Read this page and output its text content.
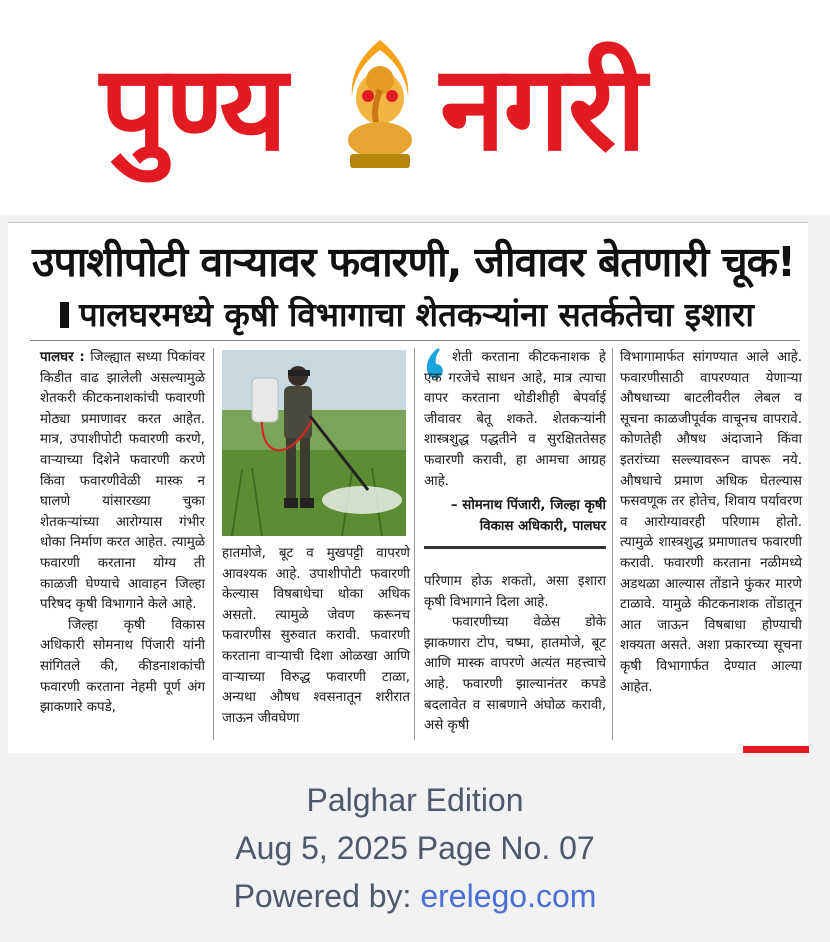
पुण्य नगरी
उपाशीपोटी वाऱ्यावर फवारणी, जीवावर बेतणारी चूक!
पालघरमध्ये कृषी विभागाचा शेतकऱ्यांना सतर्कतेचा इशारा

पालघर : जिल्ह्यात सध्या पिकांवर किडीत वाढ झालेली असल्यामुळे शेतकरी कीटकनाशकांची फवारणी मोठ्या प्रमाणावर करत आहेत. मात्र, उपाशीपोटी फवारणी करणे, वाऱ्याच्या दिशेने फवारणी करणे किंवा फवारणीवेळी मास्क न घालणे यांसारख्या चुका शेतकऱ्यांच्या आरोग्यास गंभीर धोका निर्माण करत आहेत. त्यामुळे फवारणी करताना योग्य ती काळजी घेण्याचे आवाहन जिल्हा परिषद कृषी विभागाने केले आहे.

जिल्हा कृषी विकास अधिकारी सोमनाथ पिंजारी यांनी सांगितले की, कीडनाशकांची फवारणी करताना नेहमी पूर्ण अंग झाकणारे कपडे,

हातमोजे, बूट व मुखपट्टी वापरणे आवश्यक आहे. उपाशीपोटी फवारणी केल्यास विषबाधेचा धोका अधिक असतो. त्यामुळे जेवण करूनच फवारणीस सुरुवात करावी. फवारणी करताना वाऱ्याची दिशा ओळखा आणि वाऱ्याच्या विरुद्ध फवारणी टाळा, अन्यथा औषध श्वसनातून शरीरात जाऊन जीवघेणा

शेती करताना कीटकनाशक हे एक गरजेचे साधन आहे, मात्र त्याचा वापर करताना थोडीशीही बेपर्वाई जीवावर बेतू शकते. शेतकऱ्यांनी शास्त्रशुद्ध पद्धतीने व सुरक्षिततेसह फवारणी करावी, हा आमचा आग्रह आहे.

– सोमनाथ पिंजारी, जिल्हा कृषी
विकास अधिकारी, पालघर

परिणाम होऊ शकतो, असा इशारा कृषी विभागाने दिला आहे.

फवारणीच्या वेळेस डोके झाकणारा टोप, चष्मा, हातमोजे, बूट आणि मास्क वापरणे अत्यंत महत्त्वाचे आहे. फवारणी झाल्यानंतर कपडे बदलावेत व साबणाने अंघोळ करावी, असे कृषी

विभागामार्फत सांगण्यात आले आहे. फवारणीसाठी वापरण्यात येणाऱ्या औषधाच्या बाटलीवरील लेबल व सूचना काळजीपूर्वक वाचूनच वापरावे. कोणतेही औषध अंदाजाने किंवा इतरांच्या सल्ल्यावरून वापरू नये. औषधाचे प्रमाण अधिक घेतल्यास फसवणूक तर होतेच, शिवाय पर्यावरण व आरोग्यावरही परिणाम होतो. त्यामुळे शास्त्रशुद्ध प्रमाणातच फवारणी करावी. फवारणी करताना नळीमध्ये अडथळा आल्यास तोंडाने फुंकर मारणे टाळावे. यामुळे कीटकनाशक तोंडातून आत जाऊन विषबाधा होण्याची शक्यता असते. अशा प्रकारच्या सूचना कृषी विभागार्फत देण्यात आल्या आहेत.

Palghar Edition
Aug 5, 2025 Page No. 07
Powered by: erelego.com
